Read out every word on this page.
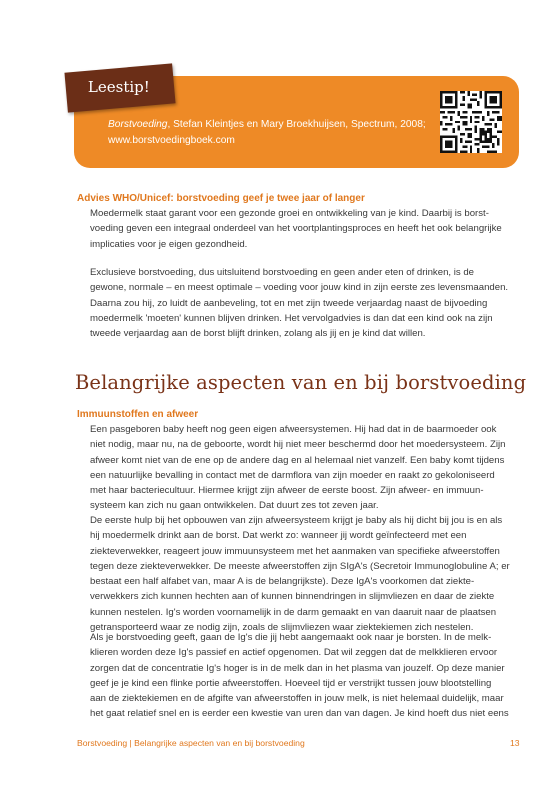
Leestip!
Borstvoeding, Stefan Kleintjes en Mary Broekhuijsen, Spectrum, 2008;
www.borstvoedingboek.com
Advies WHO/Unicef: borstvoeding geef je twee jaar of langer

Moedermelk staat garant voor een gezonde groei en ontwikkeling van je kind. Daarbij is borstvoeding geven een integraal onderdeel van het voortplantingsproces en heeft het ook belangrijke implicaties voor je eigen gezondheid.

Exclusieve borstvoeding, dus uitsluitend borstvoeding en geen ander eten of drinken, is de gewone, normale – en meest optimale – voeding voor jouw kind in zijn eerste zes levensmaanden. Daarna zou hij, zo luidt de aanbeveling, tot en met zijn tweede verjaardag naast de bijvoeding moedermelk 'moeten' kunnen blijven drinken. Het vervolgadvies is dan dat een kind ook na zijn tweede verjaardag aan de borst blijft drinken, zolang als jij en je kind dat willen.

Belangrijke aspecten van en bij borstvoeding
Immuunstoffen en afweer

Een pasgeboren baby heeft nog geen eigen afweersystemen. Hij had dat in de baarmoeder ook niet nodig, maar nu, na de geboorte, wordt hij niet meer beschermd door het moedersysteem. Zijn afweer komt niet van de ene op de andere dag en al helemaal niet vanzelf. Een baby komt tijdens een natuurlijke bevalling in contact met de darmflora van zijn moeder en raakt zo gekoloniseerd met haar bacteriecultuur. Hiermee krijgt zijn afweer de eerste boost. Zijn afweer- en immuunsysteem kan zich nu gaan ontwikkelen. Dat duurt zes tot zeven jaar.

De eerste hulp bij het opbouwen van zijn afweersysteem krijgt je baby als hij dicht bij jou is en als hij moedermelk drinkt aan de borst. Dat werkt zo: wanneer jij wordt geïnfecteerd met een ziekteverwekker, reageert jouw immuunsysteem met het aanmaken van specifieke afweerstoffen tegen deze ziekteverwekker. De meeste afweerstoffen zijn SIgA's (Secretoir Immunoglobuline A; er bestaat een half alfabet van, maar A is de belangrijkste). Deze IgA's voorkomen dat ziekteverwekkers zich kunnen hechten aan of kunnen binnendringen in slijmvliezen en daar de ziekte kunnen nestelen. Ig's worden voornamelijk in de darm gemaakt en van daaruit naar de plaatsen getransporteerd waar ze nodig zijn, zoals de slijmvliezen waar ziektekiemen zich nestelen.

Als je borstvoeding geeft, gaan de Ig's die jij hebt aangemaakt ook naar je borsten. In de melkklieren worden deze Ig's passief en actief opgenomen. Dat wil zeggen dat de melkklieren ervoor zorgen dat de concentratie Ig's hoger is in de melk dan in het plasma van jouzelf. Op deze manier geef je je kind een flinke portie afweerstoffen. Hoeveel tijd er verstrijkt tussen jouw blootstelling aan de ziektekiemen en de afgifte van afweerstoffen in jouw melk, is niet helemaal duidelijk, maar het gaat relatief snel en is eerder een kwestie van uren dan van dagen. Je kind hoeft dus niet eens

Borstvoeding | Belangrijke aspecten van en bij borstvoeding	13
